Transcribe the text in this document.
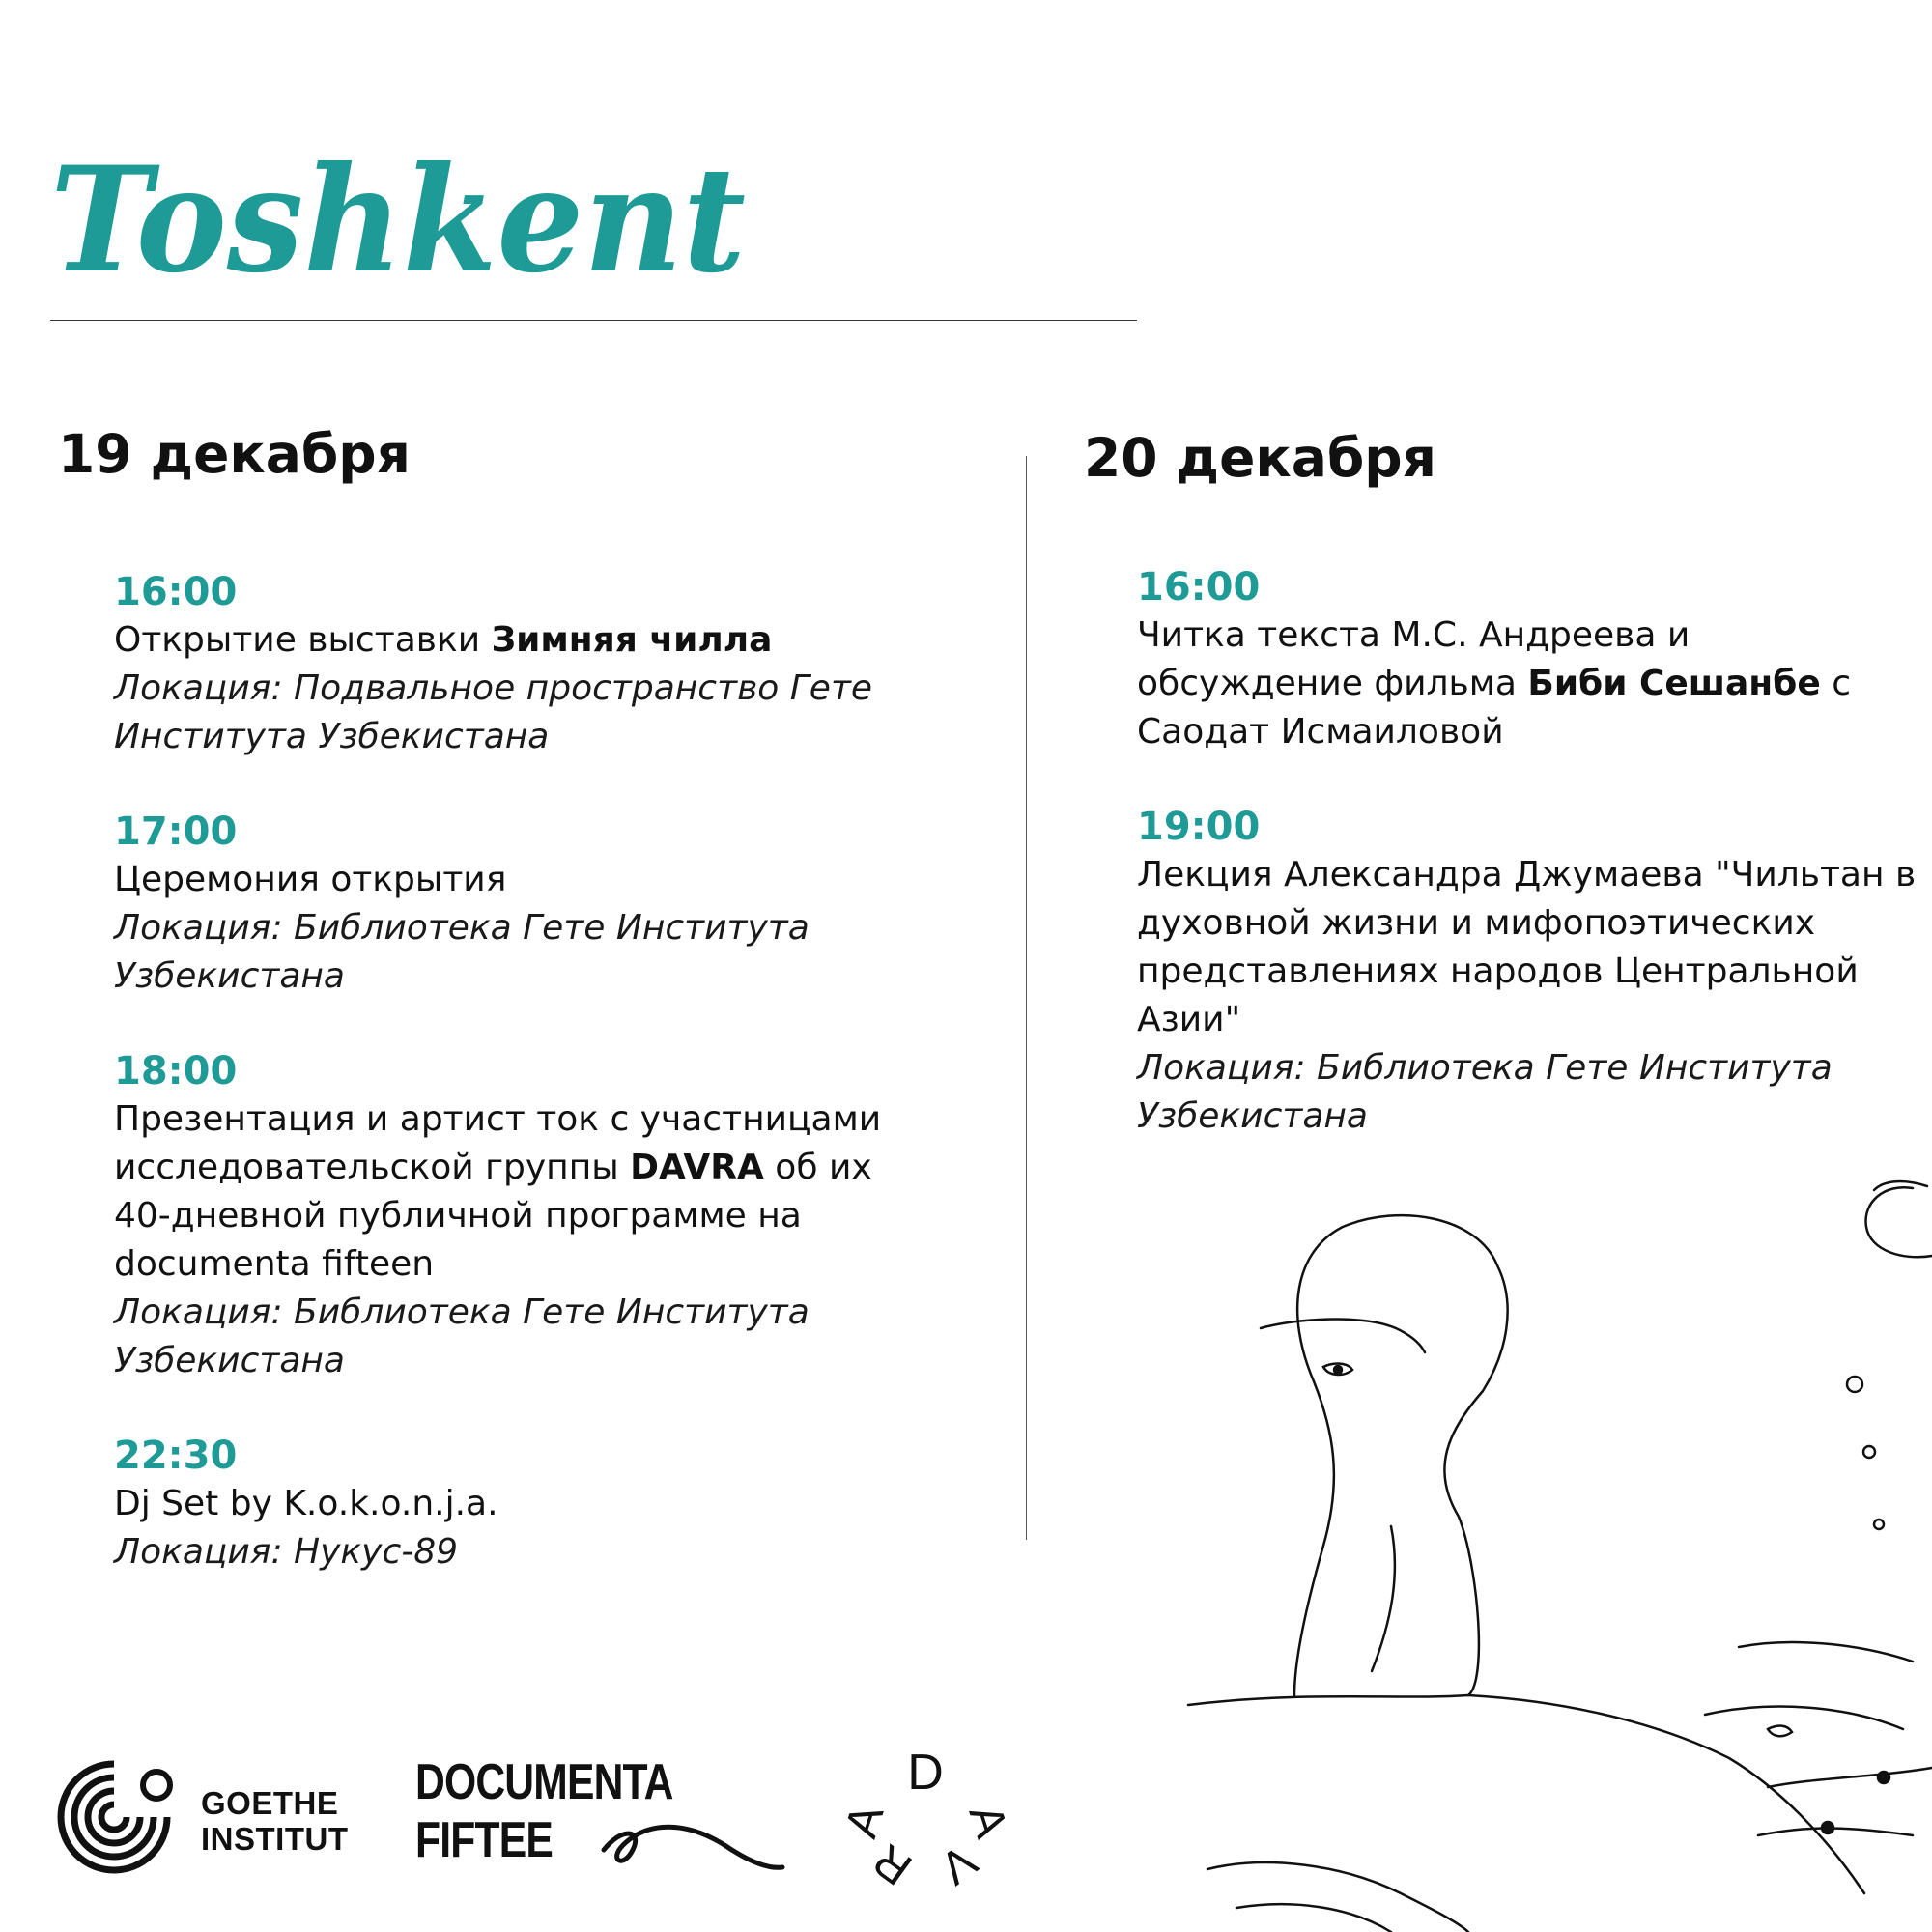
Toshkent
19 декабря
16:00

Открытие выставки Зимняя чилла

Локация: Подвальное пространство Гете Института Узбекистана

17:00

Церемония открытия

Локация: Библиотека Гете Института Узбекистана

18:00

Презентация и артист ток с участницами исследовательской группы DAVRA об их 40-дневной публичной программе на documenta fifteen

Локация: Библиотека Гете Института Узбекистана

22:30

Dj Set by K.o.k.o.n.j.a.

Локация: Нукус-89

20 декабря
16:00

Читка текста М.С. Андреева и обсуждение фильма Биби Сешанбе с Саодат Исмаиловой

19:00

Лекция Александра Джумаева "Чильтан в духовной жизни и мифопоэтических представлениях народов Центральной Азии"

Локация: Библиотека Гете Института Узбекистана

GOETHE
INSTITUT
DOCUMENTA
FIFTEE
D
A
V
R
A
